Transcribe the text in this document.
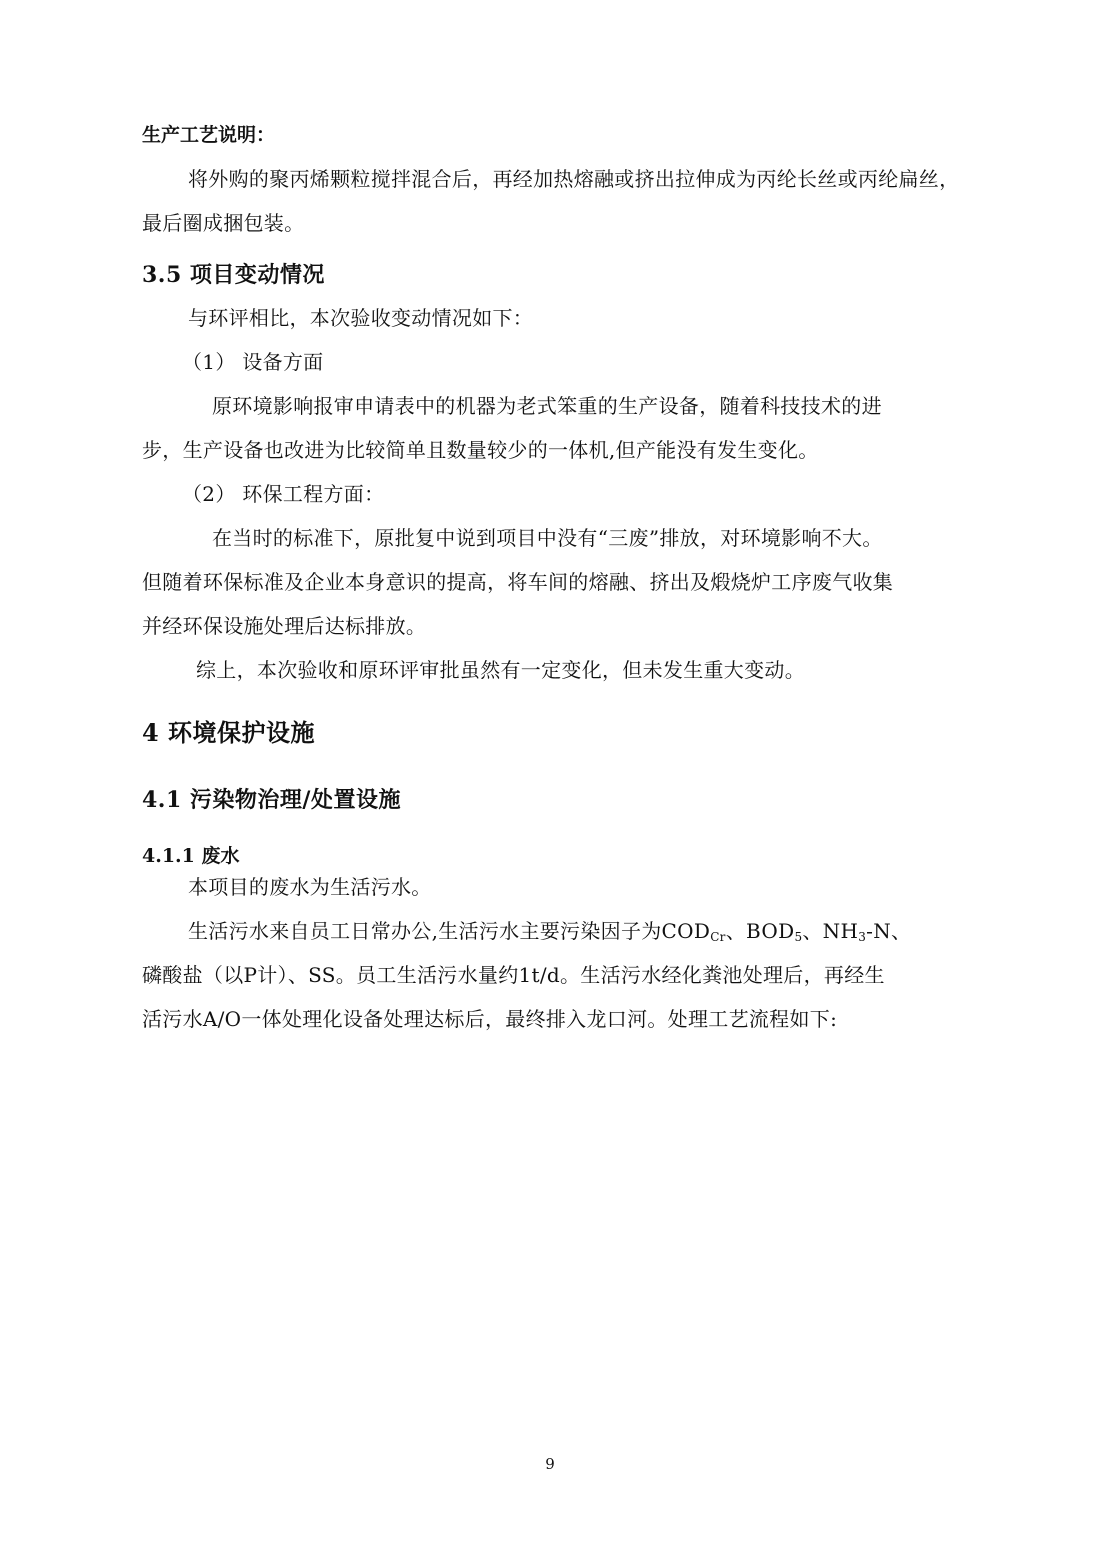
生产工艺说明：
将外购的聚丙烯颗粒搅拌混合后，再经加热熔融或挤出拉伸成为丙纶长丝或丙纶扁丝，
最后圈成捆包装。
3.5 项目变动情况
与环评相比，本次验收变动情况如下：
（1） 设备方面
原环境影响报审申请表中的机器为老式笨重的生产设备，随着科技技术的进
步，生产设备也改进为比较简单且数量较少的一体机,但产能没有发生变化。
（2） 环保工程方面：
在当时的标准下，原批复中说到项目中没有“三废”排放，对环境影响不大。
但随着环保标准及企业本身意识的提高，将车间的熔融、挤出及煅烧炉工序废气收集
并经环保设施处理后达标排放。
综上，本次验收和原环评审批虽然有一定变化，但未发生重大变动。
4 环境保护设施
4.1 污染物治理/处置设施
4.1.1 废水
本项目的废水为生活污水。
生活污水来自员工日常办公,生活污水主要污染因子为$COD_{Cr}$、$BOD_5$、$NH_3-N$、
磷酸盐（以P计）、SS。员工生活污水量约1t/d。生活污水经化粪池处理后，再经生
活污水A/O一体处理化设备处理达标后，最终排入龙口河。处理工艺流程如下:
9
